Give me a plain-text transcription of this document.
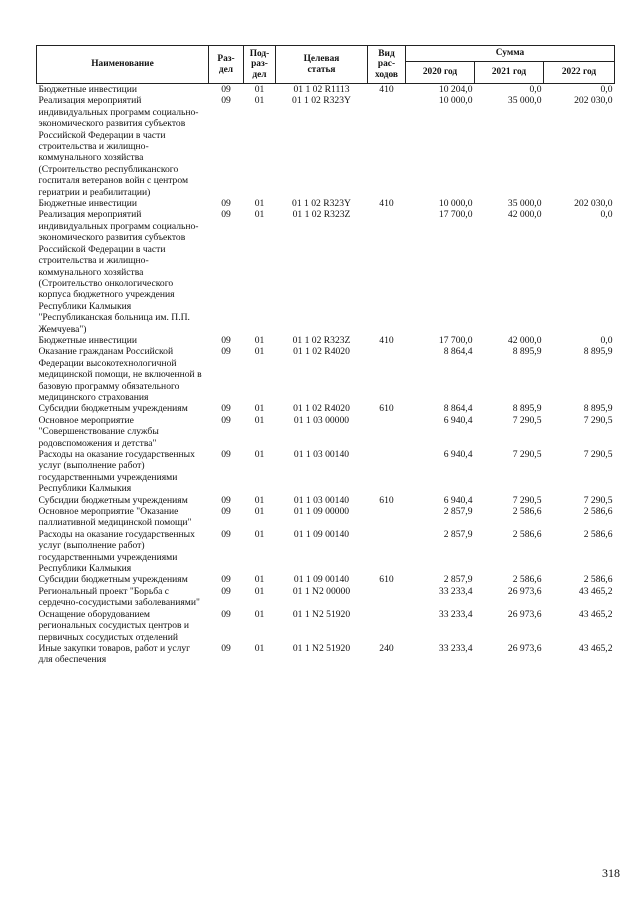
Наименование	Раз-
дел	Под-
раз-
дел	Целевая
статья	Вид
рас-
ходов	Сумма		
					2020 год	2021 год	2022 год
Бюджетные инвестиции	09	01	01 1 02 R1113	410	10 204,0	0,0	0,0
Реализация мероприятий индивидуальных программ социально-экономического развития субъектов Российской Федерации в части строительства и жилищно-коммунального хозяйства (Строительство республиканского госпиталя ветеранов войн с центром гериатрии и реабилитации)	09	01	01 1 02 R323Y		10 000,0	35 000,0	202 030,0
Бюджетные инвестиции	09	01	01 1 02 R323Y	410	10 000,0	35 000,0	202 030,0
Реализация мероприятий индивидуальных программ социально-экономического развития субъектов Российской Федерации в части строительства и жилищно-коммунального хозяйства (Строительство онкологического корпуса бюджетного учреждения Республики Калмыкия "Республиканская больница им. П.П. Жемчуева")	09	01	01 1 02 R323Z		17 700,0	42 000,0	0,0
Бюджетные инвестиции	09	01	01 1 02 R323Z	410	17 700,0	42 000,0	0,0
Оказание гражданам Российской Федерации высокотехнологичной медицинской помощи, не включенной в базовую программу обязательного медицинского страхования	09	01	01 1 02 R4020		8 864,4	8 895,9	8 895,9
Субсидии бюджетным учреждениям	09	01	01 1 02 R4020	610	8 864,4	8 895,9	8 895,9
Основное мероприятие "Совершенствование службы родовспоможения и детства"	09	01	01 1 03 00000		6 940,4	7 290,5	7 290,5
Расходы на оказание государственных услуг (выполнение работ) государственными учреждениями Республики Калмыкия	09	01	01 1 03 00140		6 940,4	7 290,5	7 290,5
Субсидии бюджетным учреждениям	09	01	01 1 03 00140	610	6 940,4	7 290,5	7 290,5
Основное мероприятие "Оказание паллиативной медицинской помощи"	09	01	01 1 09 00000		2 857,9	2 586,6	2 586,6
Расходы на оказание государственных услуг (выполнение работ) государственными учреждениями Республики Калмыкия	09	01	01 1 09 00140		2 857,9	2 586,6	2 586,6
Субсидии бюджетным учреждениям	09	01	01 1 09 00140	610	2 857,9	2 586,6	2 586,6
Региональный проект "Борьба с сердечно-сосудистыми заболеваниями"	09	01	01 1 N2 00000		33 233,4	26 973,6	43 465,2
Оснащение оборудованием региональных сосудистых центров и первичных сосудистых отделений	09	01	01 1 N2 51920		33 233,4	26 973,6	43 465,2
Иные закупки товаров, работ и услуг для обеспечения	09	01	01 1 N2 51920	240	33 233,4	26 973,6	43 465,2
318
